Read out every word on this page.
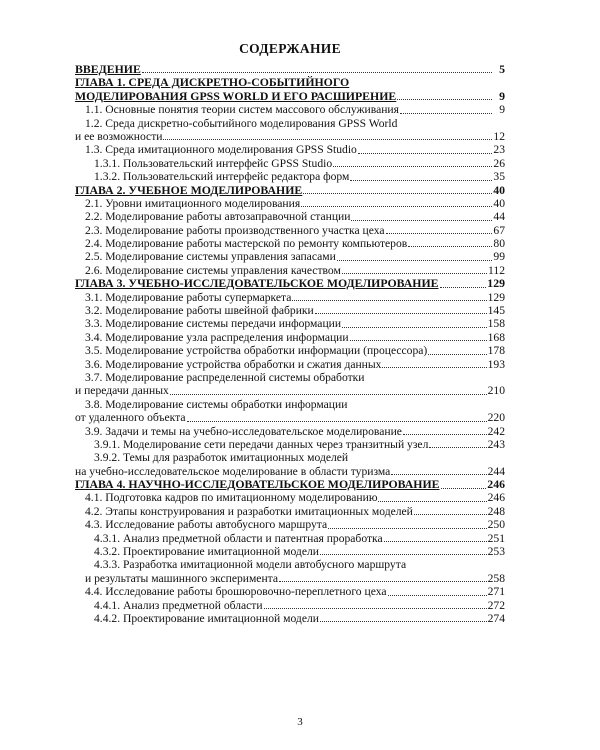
СОДЕРЖАНИЕ
ВВЕДЕНИЕ	5
ГЛАВА 1. СРЕДА ДИСКРЕТНО-СОБЫТИЙНОГО
МОДЕЛИРОВАНИЯ GPSS WORLD И ЕГО РАСШИРЕНИЕ	9
1.1. Основные понятия теории систем массового обслуживания	9
1.2. Среда дискретно-событийного моделирования GPSS World
и ее возможности	12
1.3. Среда имитационного моделирования GPSS Studio	23
1.3.1. Пользовательский интерфейс GPSS Studio	26
1.3.2. Пользовательский интерфейс редактора форм	35
ГЛАВА 2. УЧЕБНОЕ МОДЕЛИРОВАНИЕ	40
2.1. Уровни имитационного моделирования	40
2.2. Моделирование работы автозаправочной станции	44
2.3. Моделирование работы производственного участка цеха	67
2.4. Моделирование работы мастерской по ремонту компьютеров	80
2.5. Моделирование системы управления запасами	99
2.6. Моделирование системы управления качеством	112
ГЛАВА 3. УЧЕБНО-ИССЛЕДОВАТЕЛЬСКОЕ МОДЕЛИРОВАНИЕ	129
3.1. Моделирование работы супермаркета	129
3.2. Моделирование работы швейной фабрики	145
3.3. Моделирование системы передачи информации	158
3.4. Моделирование узла распределения информации	168
3.5. Моделирование устройства обработки информации (процессора)	178
3.6. Моделирование устройства обработки и сжатия данных	193
3.7. Моделирование распределенной системы обработки
и передачи данных	210
3.8. Моделирование системы обработки информации
от удаленного объекта	220
3.9. Задачи и темы на учебно-исследовательское моделирование	242
3.9.1. Моделирование сети передачи данных через транзитный узел	243
3.9.2. Темы для разработок имитационных моделей
на учебно-исследовательское моделирование в области туризма	244
ГЛАВА 4. НАУЧНО-ИССЛЕДОВАТЕЛЬСКОЕ МОДЕЛИРОВАНИЕ	246
4.1. Подготовка кадров по имитационному моделированию	246
4.2. Этапы конструирования и разработки имитационных моделей	248
4.3. Исследование работы автобусного маршрута	250
4.3.1. Анализ предметной области и патентная проработка	251
4.3.2. Проектирование имитационной модели	253
4.3.3. Разработка имитационной модели автобусного маршрута
и результаты машинного эксперимента	258
4.4. Исследование работы брошюровочно-переплетного цеха	271
4.4.1. Анализ предметной области	272
4.4.2. Проектирование имитационной модели	274
3
